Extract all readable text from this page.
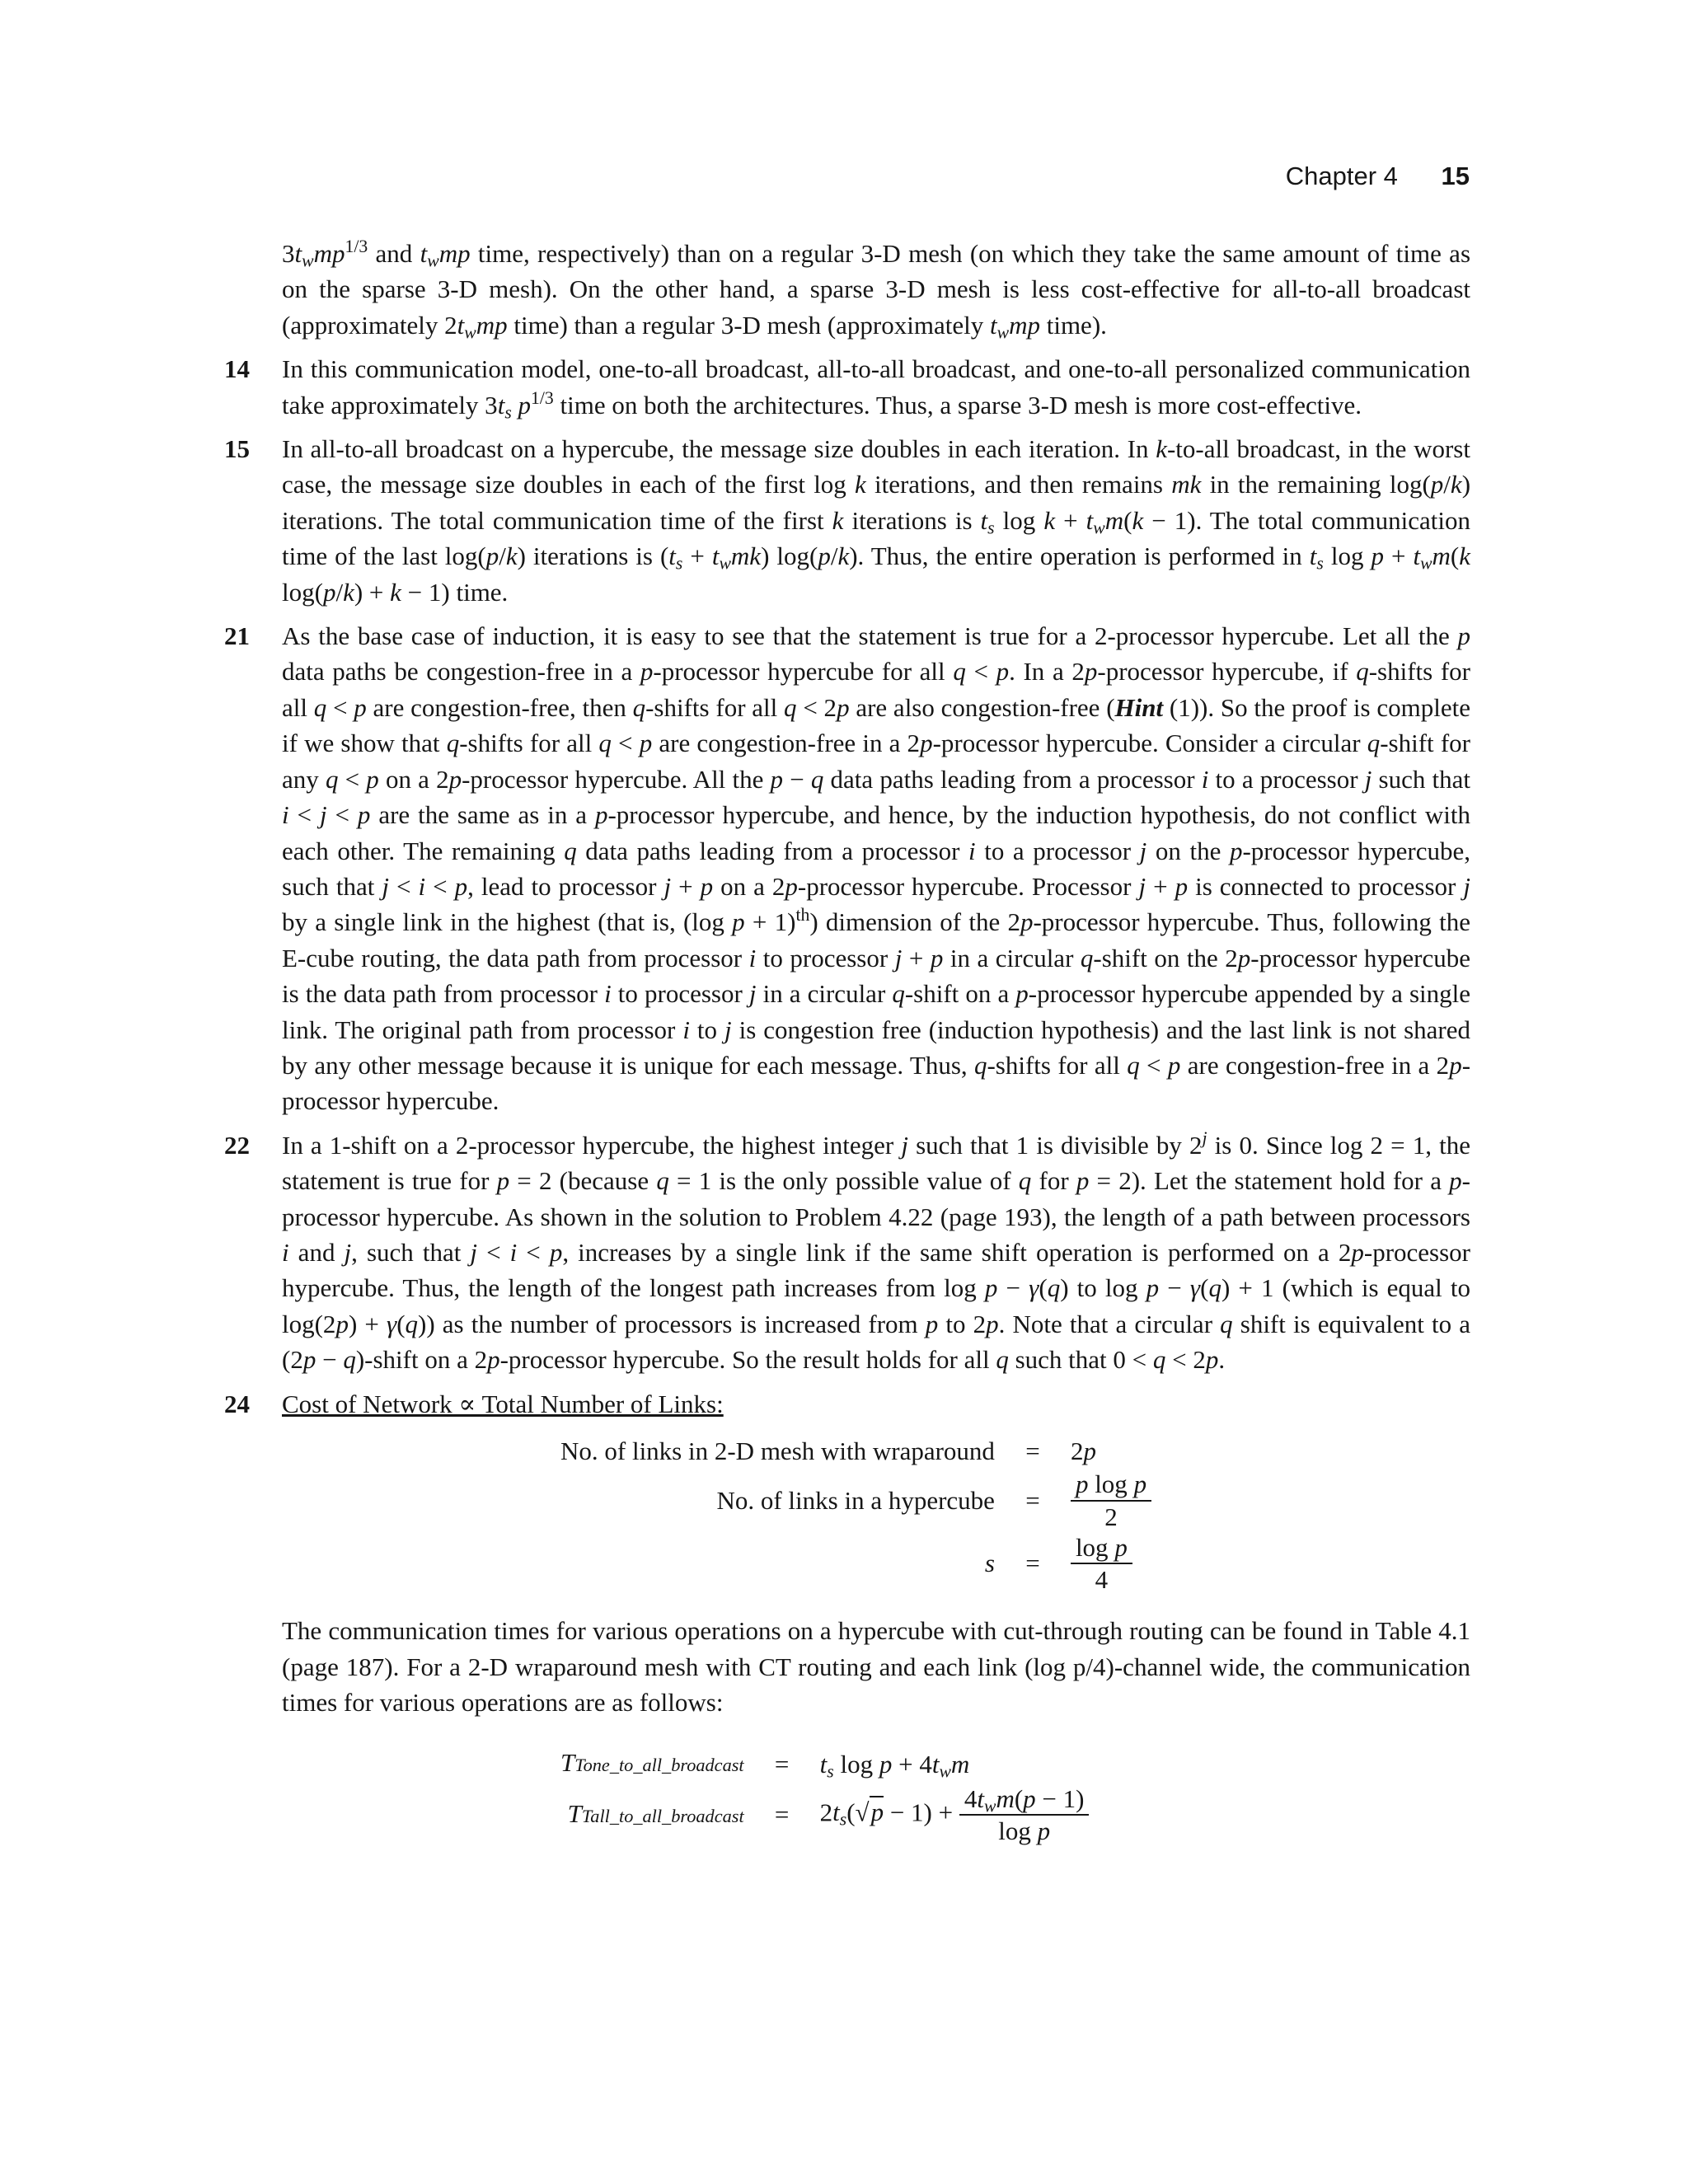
Chapter 4 15

$3t_wmp^{1/3}$ and $t_wmp$ time, respectively) than on a regular 3-D mesh (on which they take the same amount of time as on the sparse 3-D mesh). On the other hand, a sparse 3-D mesh is less cost-effective for all-to-all broadcast (approximately $2t_wmp$ time) than a regular 3-D mesh (approximately $t_wmp$ time).

14 In this communication model, one-to-all broadcast, all-to-all broadcast, and one-to-all personalized communication take approximately $3t_s$ $p^{1/3}$ time on both the architectures. Thus, a sparse 3-D mesh is more cost-effective.

15 In all-to-all broadcast on a hypercube, the message size doubles in each iteration. In k-to-all broadcast, in the worst case, the message size doubles in each of the first log k iterations, and then remains mk in the remaining log(p/k) iterations. The total communication time of the first k iterations is $t_s$ $\log k + t_wm(k - 1)$. The total communication time of the last log(p/k) iterations is $(t_s + t_wmk)$ log(p/k). Thus, the entire operation is performed in $t_s$ $\log p + t_wm(k$ log(p/k) + k − 1) time.

21 As the base case of induction, it is easy to see that the statement is true for a 2-processor hypercube. Let all the p data paths be congestion-free in a p-processor hypercube for all q < p. In a 2p-processor hypercube, if q-shifts for all q < p are congestion-free, then q-shifts for all q < 2p are also congestion-free (Hint (1)). So the proof is complete if we show that q-shifts for all q < p are congestion-free in a 2p-processor hypercube. Consider a circular q-shift for any q < p on a 2p-processor hypercube. All the p − q data paths leading from a processor i to a processor j such that i < j < p are the same as in a p-processor hypercube, and hence, by the induction hypothesis, do not conflict with each other. The remaining q data paths leading from a processor i to a processor j on the p-processor hypercube, such that j < i < p, lead to processor j + p on a 2p-processor hypercube. Processor j + p is connected to processor j by a single link in the highest (that is, (log p + 1)$^{th}$) dimension of the 2p-processor hypercube. Thus, following the E-cube routing, the data path from processor i to processor j + p in a circular q-shift on the 2p-processor hypercube is the data path from processor i to processor j in a circular q-shift on a p-processor hypercube appended by a single link. The original path from processor i to j is congestion free (induction hypothesis) and the last link is not shared by any other message because it is unique for each message. Thus, q-shifts for all q < p are congestion-free in a 2p-processor hypercube.

22 In a 1-shift on a 2-processor hypercube, the highest integer j such that 1 is divisible by 2$^j$ is 0. Since log 2 = 1, the statement is true for p = 2 (because q = 1 is the only possible value of q for p = 2). Let the statement hold for a p-processor hypercube. As shown in the solution to Problem 4.22 (page 193), the length of a path between processors i and j, such that j < i < p, increases by a single link if the same shift operation is performed on a 2p-processor hypercube. Thus, the length of the longest path increases from log p − γ(q) to log p − γ(q) + 1 (which is equal to log(2p) + γ(q)) as the number of processors is increased from p to 2p. Note that a circular q shift is equivalent to a (2p − q)-shift on a 2p-processor hypercube. So the result holds for all q such that 0 < q < 2p.

24 Cost of Network ∝ Total Number of Links:

No. of links in 2-D mesh with wraparound	=	2p
No. of links in a hypercube	=	$\frac{\text{p log p}}{2}$

s	=	$\frac{\text{log p}}{4}$

The communication times for various operations on a hypercube with cut-through routing can be found in Table 4.1 (page 187). For a 2-D wraparound mesh with CT routing and each link (log p/4)-channel wide, the communication times for various operations are as follows:

TTone_to_all_broadcast	=	$t_s$ $\log p + 4t_wm$
TTall_to_all_broadcast	=	$2t_s(√p - 1) + \frac{4t_wm(p - 1)}{\text{log p}}$
